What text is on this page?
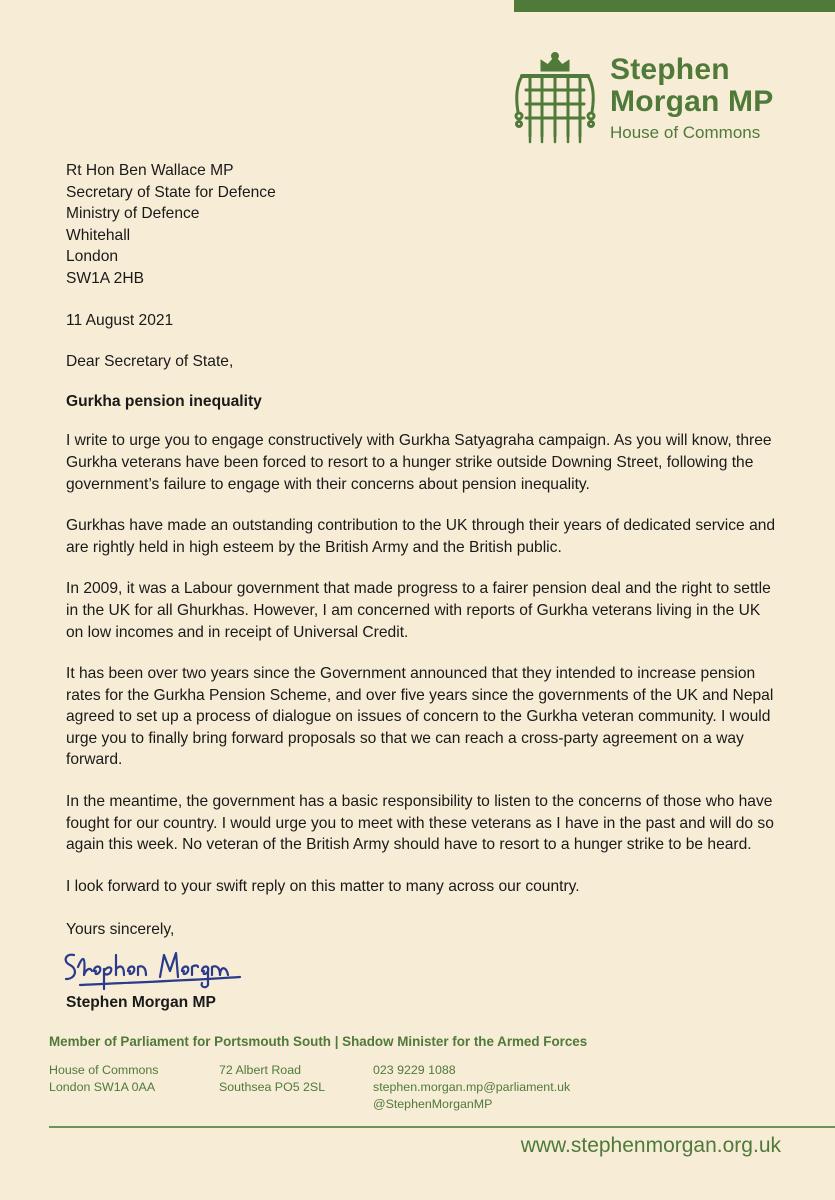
Stephen
Morgan MP
House of Commons
Rt Hon Ben Wallace MP
Secretary of State for Defence
Ministry of Defence
Whitehall
London
SW1A 2HB
11 August 2021
Dear Secretary of State,
Gurkha pension inequality
I write to urge you to engage constructively with Gurkha Satyagraha campaign. As you will know, three Gurkha veterans have been forced to resort to a hunger strike outside Downing Street, following the government’s failure to engage with their concerns about pension inequality.
Gurkhas have made an outstanding contribution to the UK through their years of dedicated service and are rightly held in high esteem by the British Army and the British public.
In 2009, it was a Labour government that made progress to a fairer pension deal and the right to settle in the UK for all Ghurkhas. However, I am concerned with reports of Gurkha veterans living in the UK on low incomes and in receipt of Universal Credit.
It has been over two years since the Government announced that they intended to increase pension rates for the Gurkha Pension Scheme, and over five years since the governments of the UK and Nepal agreed to set up a process of dialogue on issues of concern to the Gurkha veteran community. I would urge you to finally bring forward proposals so that we can reach a cross-party agreement on a way forward.
In the meantime, the government has a basic responsibility to listen to the concerns of those who have fought for our country. I would urge you to meet with these veterans as I have in the past and will do so again this week. No veteran of the British Army should have to resort to a hunger strike to be heard.
I look forward to your swift reply on this matter to many across our country.
Yours sincerely,
Stephen Morgan MP
Member of Parliament for Portsmouth South | Shadow Minister for the Armed Forces
House of Commons
London SW1A 0AA
72 Albert Road
Southsea PO5 2SL
023 9229 1088
stephen.morgan.mp@parliament.uk
@StephenMorganMP
www.stephenmorgan.org.uk
